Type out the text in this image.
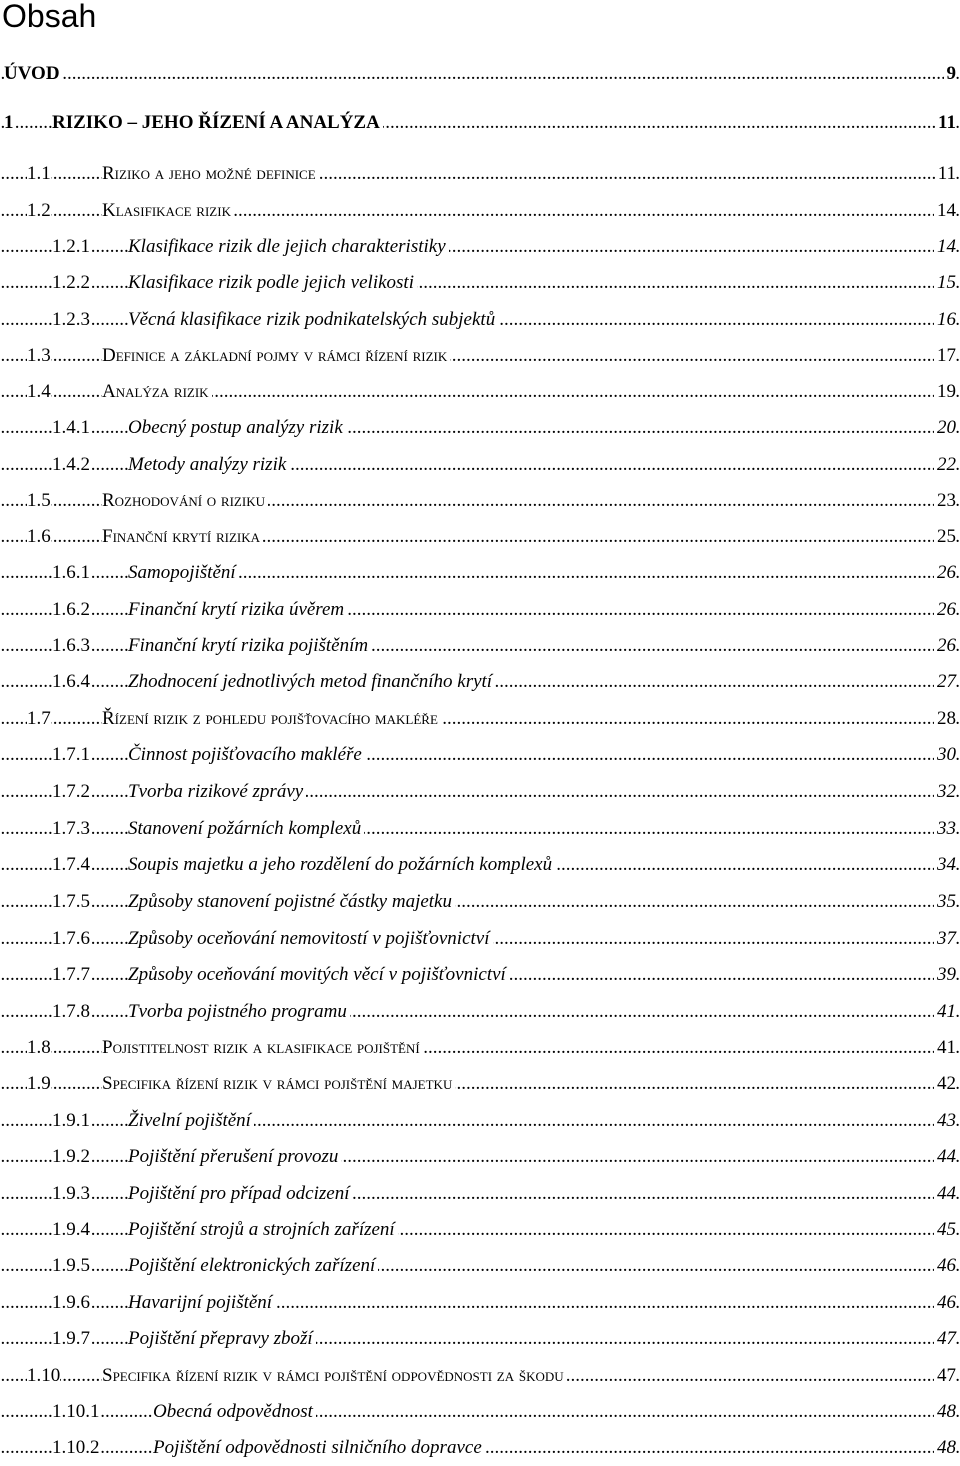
Obsah
.....
ÚVOD	9
.....
1 RIZIKO – JEHO ŘÍZENÍ A ANALÝZA	11
.....
1.1	Riziko a jeho možné definice	11
.....
1.2	Klasifikace rizik	14
.....
1.2.1 Klasifikace rizik dle jejich charakteristiky	14
.....
1.2.2 Klasifikace rizik podle jejich velikosti	15
.....
1.2.3 Věcná klasifikace rizik podnikatelských subjektů	16
.....
1.3	Definice a základní pojmy v rámci řízení rizik	17
.....
1.4	Analýza rizik	19
.....
1.4.1 Obecný postup analýzy rizik	20
.....
1.4.2 Metody analýzy rizik	22
.....
1.5	Rozhodování o riziku	23
.....
1.6	Finanční krytí rizika	25
.....
1.6.1 Samopojištění	26
.....
1.6.2 Finanční krytí rizika úvěrem	26
.....
1.6.3 Finanční krytí rizika pojištěním	26
.....
1.6.4 Zhodnocení jednotlivých metod finančního krytí	27
.....
1.7	Řízení rizik z pohledu pojišťovacího makléře	28
.....
1.7.1 Činnost pojišťovacího makléře	30
.....
1.7.2 Tvorba rizikové zprávy	32
.....
1.7.3 Stanovení požárních komplexů	33
.....
1.7.4 Soupis majetku a jeho rozdělení do požárních komplexů	34
.....
1.7.5 Způsoby stanovení pojistné částky majetku	35
.....
1.7.6 Způsoby oceňování nemovitostí v pojišťovnictví	37
.....
1.7.7 Způsoby oceňování movitých věcí v pojišťovnictví	39
.....
1.7.8 Tvorba pojistného programu	41
.....
1.8	Pojistitelnost rizik a klasifikace pojištění	41
.....
1.9	Specifika řízení rizik v rámci pojištění majetku	42
.....
1.9.1 Živelní pojištění	43
.....
1.9.2 Pojištění přerušení provozu	44
.....
1.9.3 Pojištění pro případ odcizení	44
.....
1.9.4 Pojištění strojů a strojních zařízení	45
.....
1.9.5 Pojištění elektronických zařízení	46
.....
1.9.6 Havarijní pojištění	46
.....
1.9.7 Pojištění přepravy zboží	47
.....
1.10 Specifika řízení rizik v rámci pojištění odpovědnosti za škodu	47
.....
1.10.1	Obecná odpovědnost	48
.....
1.10.2	Pojištění odpovědnosti silničního dopravce	48
